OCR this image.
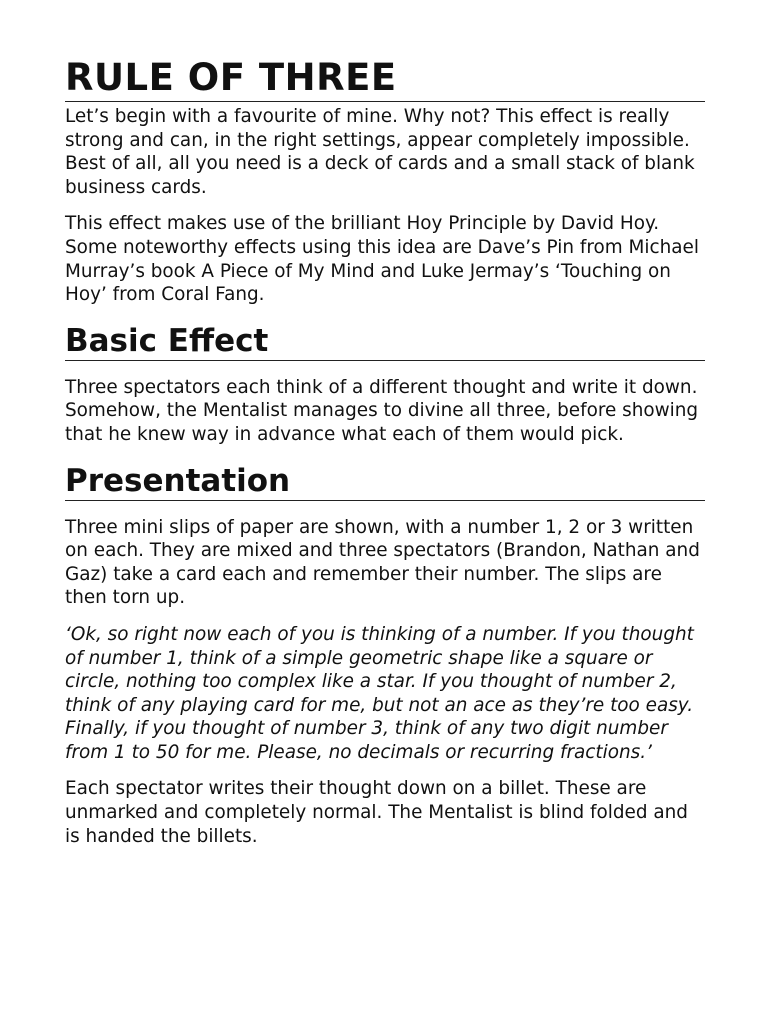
RULE OF THREE

Let’s begin with a favourite of mine. Why not? This effect is really strong and can, in the right settings, appear completely impossible. Best of all, all you need is a deck of cards and a small stack of blank business cards.

This effect makes use of the brilliant Hoy Principle by David Hoy. Some noteworthy effects using this idea are Dave’s Pin from Michael Murray’s book A Piece of My Mind and Luke Jermay’s ‘Touching on Hoy’ from Coral Fang.

Basic Effect

Three spectators each think of a different thought and write it down. Somehow, the Mentalist manages to divine all three, before showing that he knew way in advance what each of them would pick.

Presentation

Three mini slips of paper are shown, with a number 1, 2 or 3 written on each. They are mixed and three spectators (Brandon, Nathan and Gaz) take a card each and remember their number. The slips are then torn up.

‘Ok, so right now each of you is thinking of a number. If you thought of number 1, think of a simple geometric shape like a square or circle, nothing too complex like a star. If you thought of number 2, think of any playing card for me, but not an ace as they’re too easy. Finally, if you thought of number 3, think of any two digit number from 1 to 50 for me. Please, no decimals or recurring fractions.’

Each spectator writes their thought down on a billet. These are unmarked and completely normal. The Mentalist is blind folded and is handed the billets.
